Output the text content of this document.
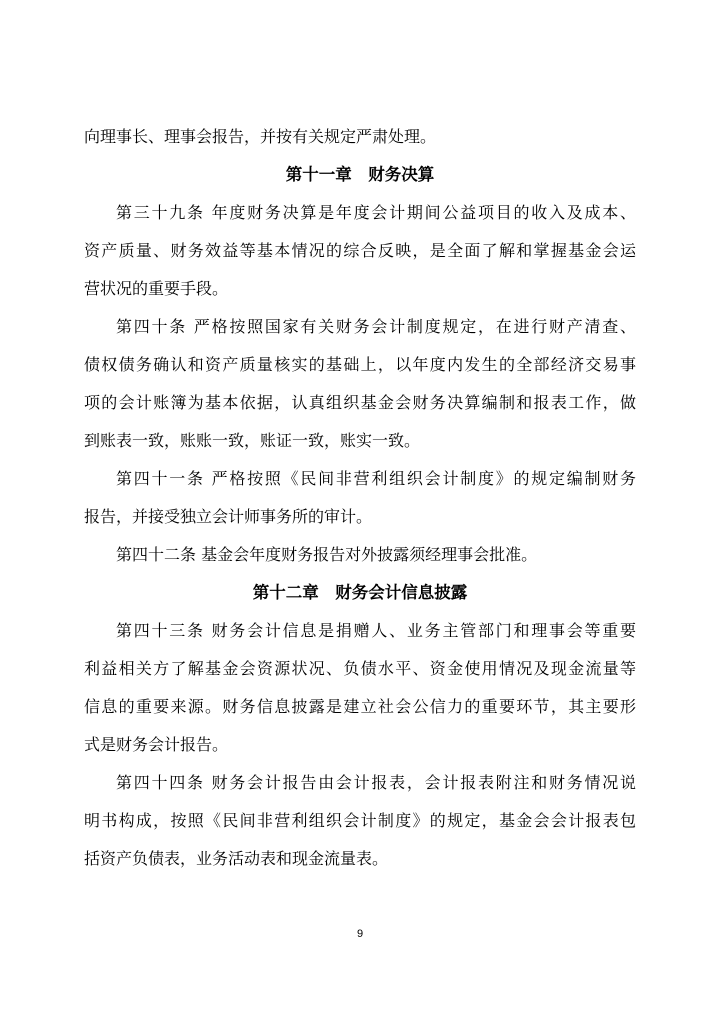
向理事长、理事会报告，并按有关规定严肃处理。
第十一章　财务决算
第三十九条 年度财务决算是年度会计期间公益项目的收入及成本、
资产质量、财务效益等基本情况的综合反映，是全面了解和掌握基金会运
营状况的重要手段。
第四十条 严格按照国家有关财务会计制度规定，在进行财产清查、
债权债务确认和资产质量核实的基础上，以年度内发生的全部经济交易事
项的会计账簿为基本依据，认真组织基金会财务决算编制和报表工作，做
到账表一致，账账一致，账证一致，账实一致。
第四十一条 严格按照《民间非营利组织会计制度》的规定编制财务
报告，并接受独立会计师事务所的审计。
第四十二条 基金会年度财务报告对外披露须经理事会批准。
第十二章　财务会计信息披露
第四十三条 财务会计信息是捐赠人、业务主管部门和理事会等重要
利益相关方了解基金会资源状况、负债水平、资金使用情况及现金流量等
信息的重要来源。财务信息披露是建立社会公信力的重要环节，其主要形
式是财务会计报告。
第四十四条 财务会计报告由会计报表，会计报表附注和财务情况说
明书构成，按照《民间非营利组织会计制度》的规定，基金会会计报表包
括资产负债表，业务活动表和现金流量表。
9
